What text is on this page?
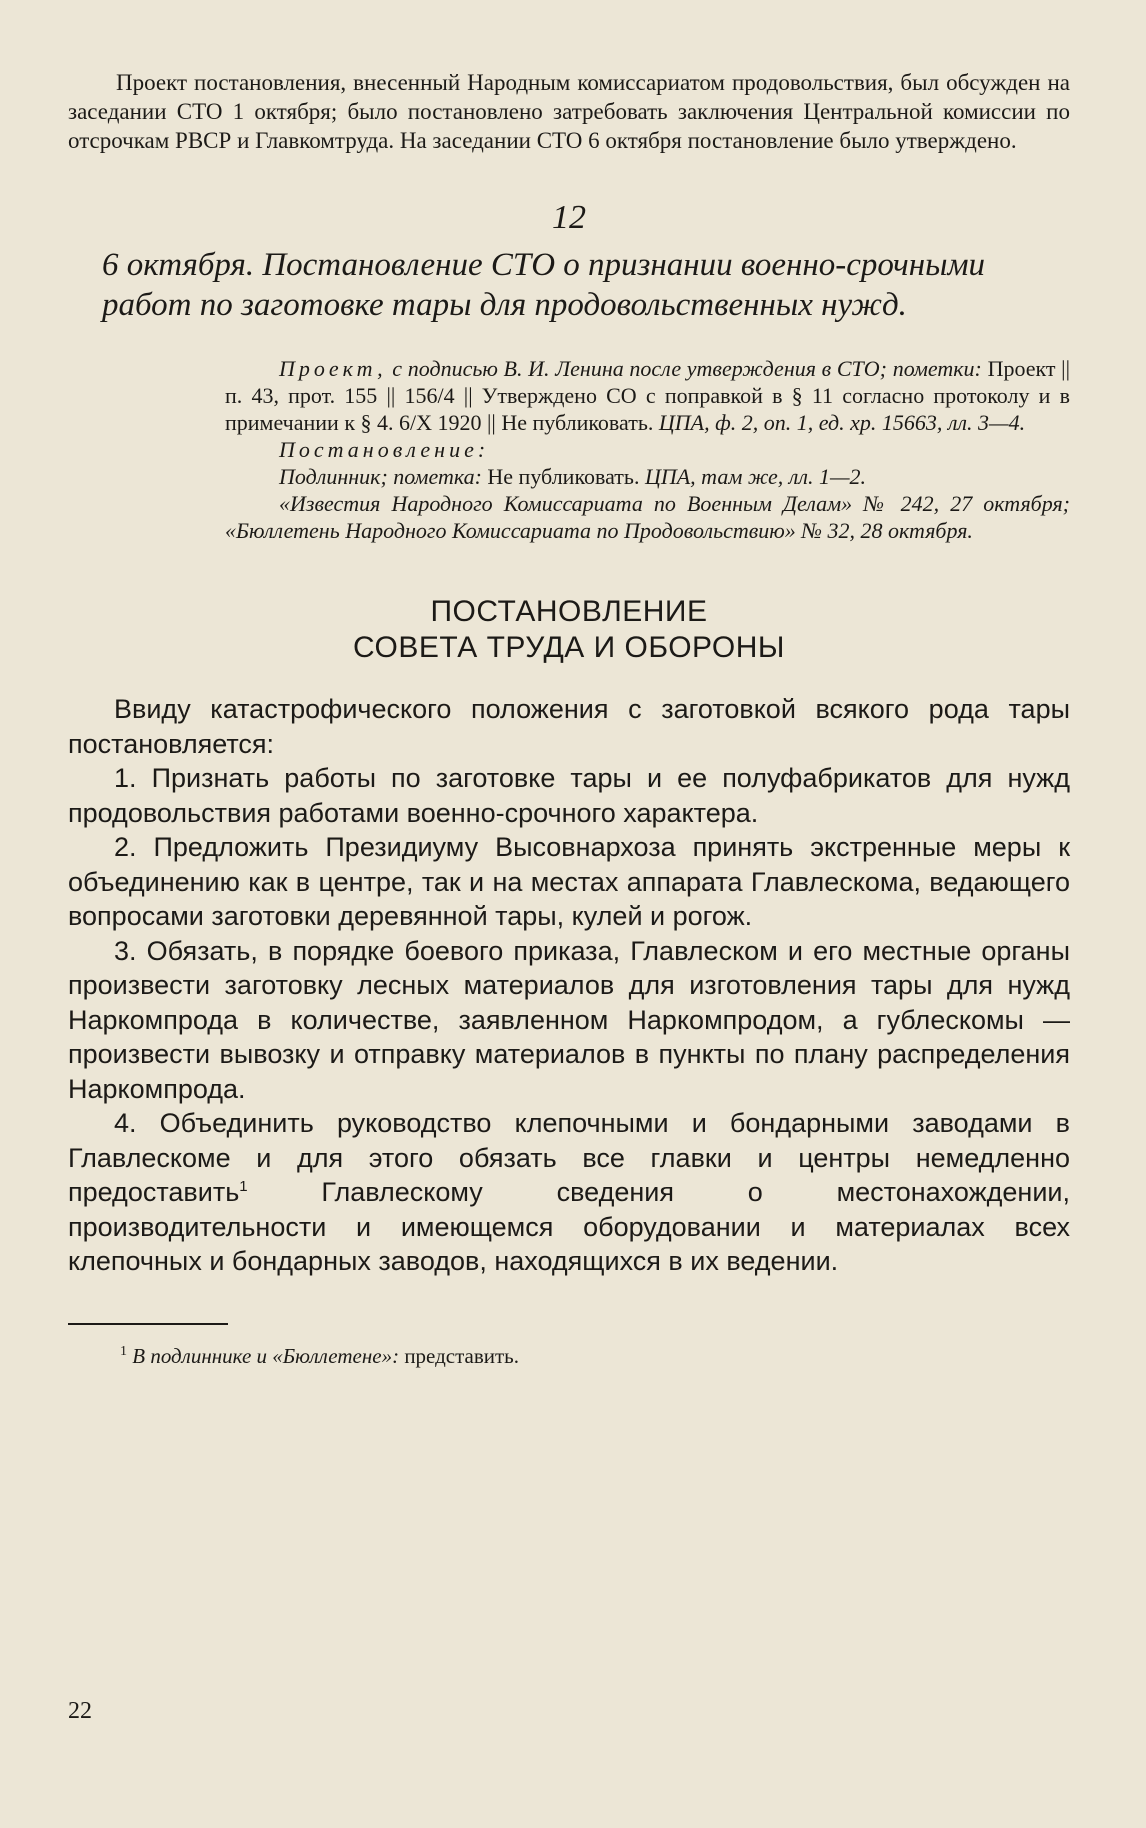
Проект постановления, внесенный Народным комиссариатом продовольствия, был обсужден на заседании СТО 1 октября; было постановлено затребовать заключения Центральной комиссии по отсрочкам РВСР и Главкомтруда. На заседании СТО 6 октября постановление было утверждено.

12
6 октября. Постановление СТО о признании военно-срочными работ по заготовке тары для продовольственных нужд.

Проект, с подписью В. И. Ленина после утверждения в СТО; пометки: Проект || п. 43, прот. 155 || 156/4 || Утверждено СО с поправкой в § 11 согласно протоколу и в примечании к § 4. 6/X 1920 || Не публиковать. ЦПА, ф. 2, оп. 1, ед. хр. 15663, лл. 3—4.

Постановление:

Подлинник; пометка: Не публиковать. ЦПА, там же, лл. 1—2.

«Известия Народного Комиссариата по Военным Делам» № 242, 27 октября; «Бюллетень Народного Комиссариата по Продовольствию» № 32, 28 октября.

ПОСТАНОВЛЕНИЕ
СОВЕТА ТРУДА И ОБОРОНЫ

Ввиду катастрофического положения с заготовкой всякого рода тары постановляется:

1. Признать работы по заготовке тары и ее полуфабрикатов для нужд продовольствия работами военно-срочного характера.

2. Предложить Президиуму Высовнархоза принять экстренные меры к объединению как в центре, так и на местах аппарата Главлескома, ведающего вопросами заготовки деревянной тары, кулей и рогож.

3. Обязать, в порядке боевого приказа, Главлеском и его местные органы произвести заготовку лесных материалов для изготовления тары для нужд Наркомпрода в количестве, заявленном Наркомпродом, а гублескомы — произвести вывозку и отправку материалов в пункты по плану распределения Наркомпрода.

4. Объединить руководство клепочными и бондарными заводами в Главлескоме и для этого обязать все главки и центры немедленно предоставить$^1$ Главлескому сведения о местонахождении, производительности и имеющемся оборудовании и материалах всех клепочных и бондарных заводов, находящихся в их ведении.

$^1$ В подлиннике и «Бюллетене»: представить.

22
